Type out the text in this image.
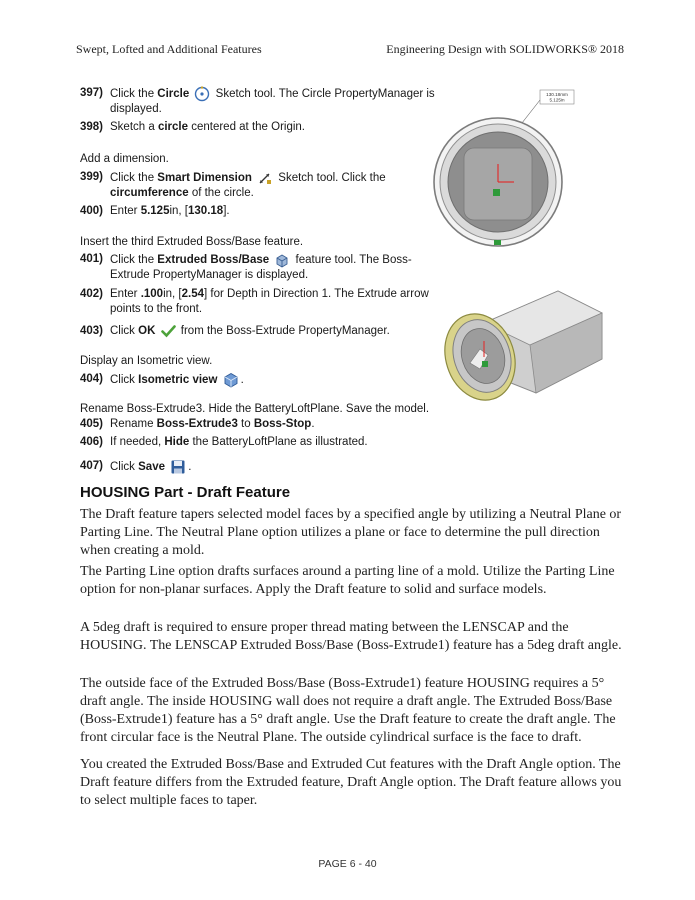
Swept, Lofted and Additional Features	Engineering Design with SOLIDWORKS® 2018
397) Click the Circle  Sketch tool. The Circle PropertyManager is displayed.
398) Sketch a circle centered at the Origin.
Add a dimension.
399) Click the Smart Dimension  Sketch tool. Click the circumference of the circle.
400) Enter 5.125in, [130.18].
Insert the third Extruded Boss/Base feature.
401) Click the Extruded Boss/Base  feature tool. The Boss-Extrude PropertyManager is displayed.
402) Enter .100in, [2.54] for Depth in Direction 1. The Extrude arrow points to the front.
403) Click OK  from the Boss-Extrude PropertyManager.
Display an Isometric view.
404) Click Isometric view .
Rename Boss-Extrude3. Hide the BatteryLoftPlane. Save the model.
405) Rename Boss-Extrude3 to Boss-Stop.
406) If needed, Hide the BatteryLoftPlane as illustrated.
407) Click Save .
130.18mm
5.125in
HOUSING Part - Draft Feature

The Draft feature tapers selected model faces by a specified angle by utilizing a Neutral Plane or Parting Line. The Neutral Plane option utilizes a plane or face to determine the pull direction when creating a mold.

The Parting Line option drafts surfaces around a parting line of a mold. Utilize the Parting Line option for non-planar surfaces. Apply the Draft feature to solid and surface models.

A 5deg draft is required to ensure proper thread mating between the LENSCAP and the HOUSING. The LENSCAP Extruded Boss/Base (Boss-Extrude1) feature has a 5deg draft angle.

The outside face of the Extruded Boss/Base (Boss-Extrude1) feature HOUSING requires a 5° draft angle. The inside HOUSING wall does not require a draft angle. The Extruded Boss/Base (Boss-Extrude1) feature has a 5° draft angle. Use the Draft feature to create the draft angle. The front circular face is the Neutral Plane. The outside cylindrical surface is the face to draft.

You created the Extruded Boss/Base and Extruded Cut features with the Draft Angle option. The Draft feature differs from the Extruded feature, Draft Angle option. The Draft feature allows you to select multiple faces to taper.

PAGE 6 - 40
